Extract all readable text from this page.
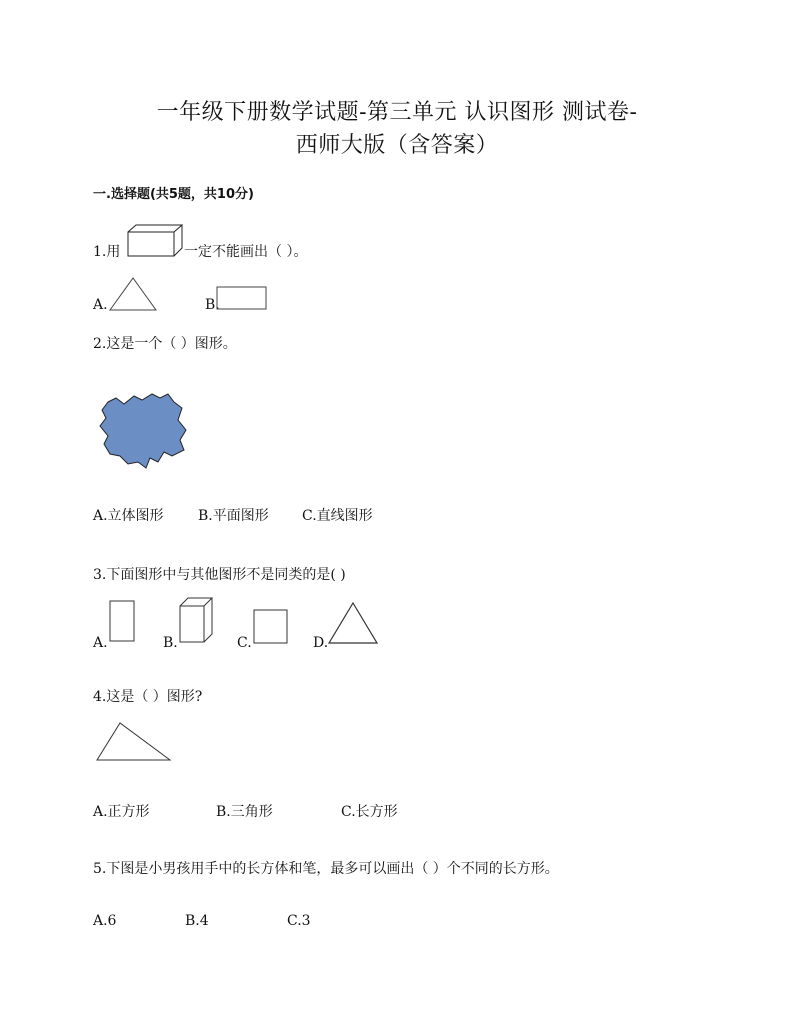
一年级下册数学试题-第三单元 认识图形 测试卷-
西师大版（含答案）
一.选择题(共5题，共10分)
1.用	一定不能画出（ ）。
A.	B.
2.这是一个（ ）图形。
A.立体图形 B.平面图形 C.直线图形
3.下面图形中与其他图形不是同类的是( )
A.	B.	C.	D.
4.这是（ ）图形?
A.正方形	B.三角形	C.长方形
5.下图是小男孩用手中的长方体和笔，最多可以画出（ ）个不同的长方形。
A.6	B.4	C.3
